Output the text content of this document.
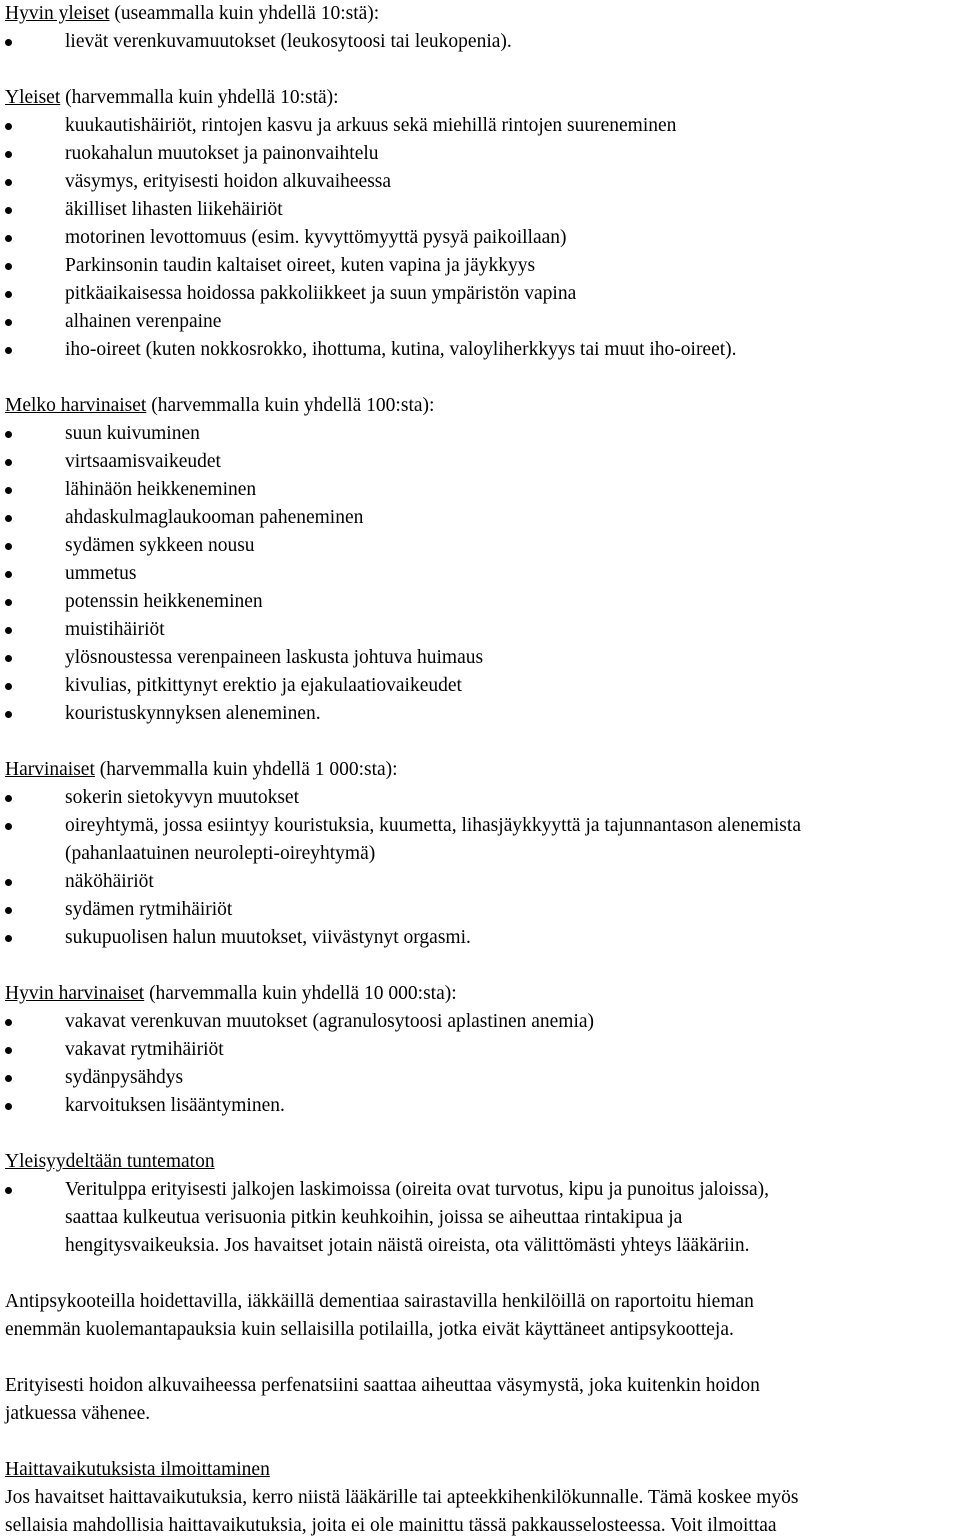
Hyvin yleiset (useammalla kuin yhdellä 10:stä):
lievät verenkuvamuutokset (leukosytoosi tai leukopenia).
Yleiset (harvemmalla kuin yhdellä 10:stä):
kuukautishäiriöt, rintojen kasvu ja arkuus sekä miehillä rintojen suureneminen
ruokahalun muutokset ja painonvaihtelu
väsymys, erityisesti hoidon alkuvaiheessa
äkilliset lihasten liikehäiriöt
motorinen levottomuus (esim. kyvyttömyyttä pysyä paikoillaan)
Parkinsonin taudin kaltaiset oireet, kuten vapina ja jäykkyys
pitkäaikaisessa hoidossa pakkoliikkeet ja suun ympäristön vapina
alhainen verenpaine
iho-oireet (kuten nokkosrokko, ihottuma, kutina, valoyliherkkyys tai muut iho-oireet).
Melko harvinaiset (harvemmalla kuin yhdellä 100:sta):
suun kuivuminen
virtsaamisvaikeudet
lähinäön heikkeneminen
ahdaskulmaglaukooman paheneminen
sydämen sykkeen nousu
ummetus
potenssin heikkeneminen
muistihäiriöt
ylösnoustessa verenpaineen laskusta johtuva huimaus
kivulias, pitkittynyt erektio ja ejakulaatiovaikeudet
kouristuskynnyksen aleneminen.
Harvinaiset (harvemmalla kuin yhdellä 1 000:sta):
sokerin sietokyvyn muutokset
oireyhtymä, jossa esiintyy kouristuksia, kuumetta, lihasjäykkyyttä ja tajunnantason alenemista
(pahanlaatuinen neurolepti-oireyhtymä)
näköhäiriöt
sydämen rytmihäiriöt
sukupuolisen halun muutokset, viivästynyt orgasmi.
Hyvin harvinaiset (harvemmalla kuin yhdellä 10 000:sta):
vakavat verenkuvan muutokset (agranulosytoosi aplastinen anemia)
vakavat rytmihäiriöt
sydänpysähdys
karvoituksen lisääntyminen.
Yleisyydeltään tuntematon
Veritulppa erityisesti jalkojen laskimoissa (oireita ovat turvotus, kipu ja punoitus jaloissa),
saattaa kulkeutua verisuonia pitkin keuhkoihin, joissa se aiheuttaa rintakipua ja
hengitysvaikeuksia. Jos havaitset jotain näistä oireista, ota välittömästi yhteys lääkäriin.
Antipsykooteilla hoidettavilla, iäkkäillä dementiaa sairastavilla henkilöillä on raportoitu hieman
enemmän kuolemantapauksia kuin sellaisilla potilailla, jotka eivät käyttäneet antipsykootteja.
Erityisesti hoidon alkuvaiheessa perfenatsiini saattaa aiheuttaa väsymystä, joka kuitenkin hoidon
jatkuessa vähenee.
Haittavaikutuksista ilmoittaminen
Jos havaitset haittavaikutuksia, kerro niistä lääkärille tai apteekkihenkilökunnalle. Tämä koskee myös
sellaisia mahdollisia haittavaikutuksia, joita ei ole mainittu tässä pakkausselosteessa. Voit ilmoittaa
